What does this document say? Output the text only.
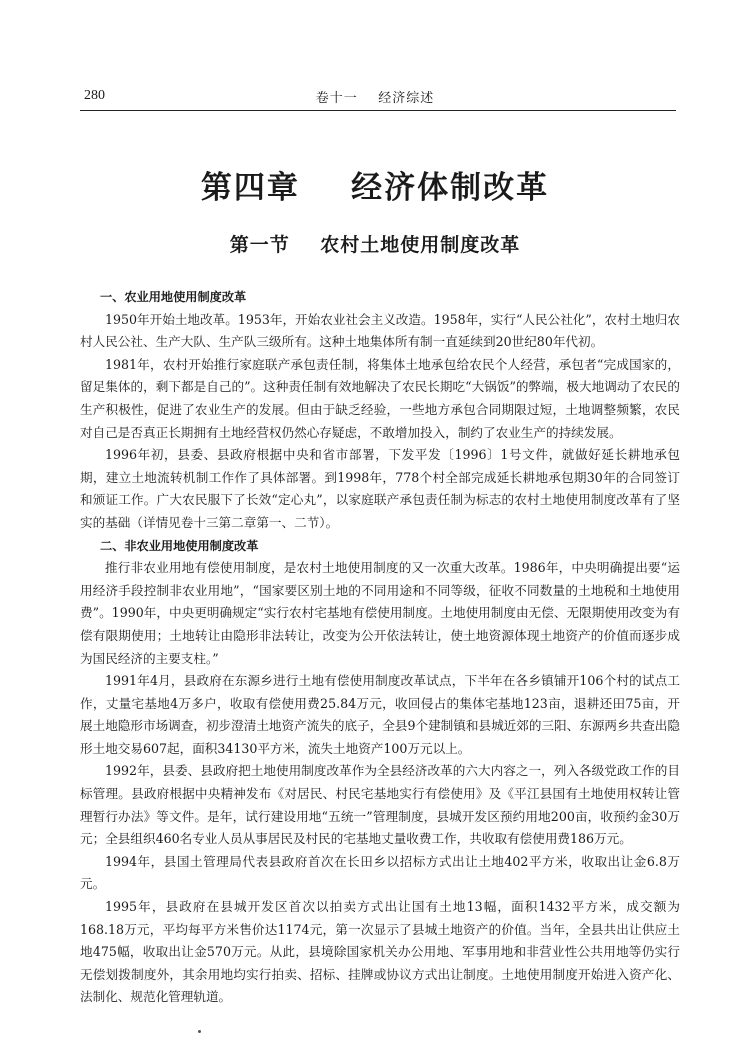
280	卷十一    经济综述
第四章    经济体制改革
第一节    农村土地使用制度改革

一、农业用地使用制度改革

1950年开始土地改革。1953年，开始农业社会主义改造。1958年，实行“人民公社化”，农村土地归农村人民公社、生产大队、生产队三级所有。这种土地集体所有制一直延续到20世纪80年代初。

1981年，农村开始推行家庭联产承包责任制，将集体土地承包给农民个人经营，承包者“完成国家的，留足集体的，剩下都是自己的”。这种责任制有效地解决了农民长期吃“大锅饭”的弊端，极大地调动了农民的生产积极性，促进了农业生产的发展。但由于缺乏经验，一些地方承包合同期限过短，土地调整频繁，农民对自己是否真正长期拥有土地经营权仍然心存疑虑，不敢增加投入，制约了农业生产的持续发展。

1996年初，县委、县政府根据中央和省市部署，下发平发〔1996〕1号文件，就做好延长耕地承包期，建立土地流转机制工作作了具体部署。到1998年，778个村全部完成延长耕地承包期30年的合同签订和颁证工作。广大农民服下了长效“定心丸”，以家庭联产承包责任制为标志的农村土地使用制度改革有了坚实的基础（详情见卷十三第二章第一、二节）。

二、非农业用地使用制度改革

推行非农业用地有偿使用制度，是农村土地使用制度的又一次重大改革。1986年，中央明确提出要“运用经济手段控制非农业用地”，“国家要区别土地的不同用途和不同等级，征收不同数量的土地税和土地使用费”。1990年，中央更明确规定“实行农村宅基地有偿使用制度。土地使用制度由无偿、无限期使用改变为有偿有限期使用；土地转让由隐形非法转让，改变为公开依法转让，使土地资源体现土地资产的价值而逐步成为国民经济的主要支柱。”

1991年4月，县政府在东源乡进行土地有偿使用制度改革试点，下半年在各乡镇铺开106个村的试点工作，丈量宅基地4万多户，收取有偿使用费25.84万元，收回侵占的集体宅基地123亩，退耕还田75亩，开展土地隐形市场调查，初步澄清土地资产流失的底子，全县9个建制镇和县城近郊的三阳、东源两乡共查出隐形土地交易607起，面积34130平方米，流失土地资产100万元以上。

1992年，县委、县政府把土地使用制度改革作为全县经济改革的六大内容之一，列入各级党政工作的目标管理。县政府根据中央精神发布《对居民、村民宅基地实行有偿使用》及《平江县国有土地使用权转让管理暂行办法》等文件。是年，试行建设用地“五统一”管理制度，县城开发区预约用地200亩，收预约金30万元；全县组织460名专业人员从事居民及村民的宅基地丈量收费工作，共收取有偿使用费186万元。

1994年，县国土管理局代表县政府首次在长田乡以招标方式出让土地402平方米，收取出让金6.8万元。

1995年，县政府在县城开发区首次以拍卖方式出让国有土地13幅，面积1432平方米，成交额为168.18万元，平均每平方米售价达1174元，第一次显示了县城土地资产的价值。当年，全县共出让供应土地475幅，收取出让金570万元。从此，县境除国家机关办公用地、军事用地和非营业性公共用地等仍实行无偿划拨制度外，其余用地均实行拍卖、招标、挂牌或协议方式出让制度。土地使用制度开始进入资产化、法制化、规范化管理轨道。
